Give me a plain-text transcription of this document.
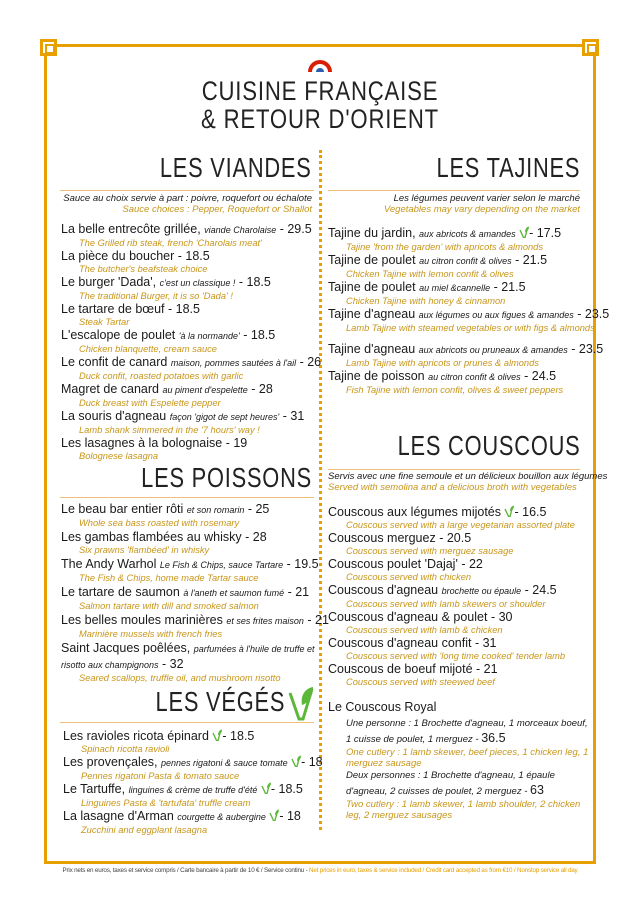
CUISINE FRANÇAISE
& RETOUR D'ORIENT
LES VIANDES
Sauce au choix servie à part : poivre, roquefort ou échalote
Sauce choices : Pepper, Roquefort or Shallot
La belle entrecôte grillée, viande Charolaise - 29.5
The Grilled rib steak, french 'Charolais meat'
La pièce du boucher - 18.5
The butcher's beafsteak choice
Le burger 'Dada', c'est un classique ! - 18.5
The traditional Burger, it is so 'Dada' !
Le tartare de bœuf - 18.5
Steak Tartar
L'escalope de poulet 'à la normande' - 18.5
Chicken blanquette, cream sauce
Le confit de canard maison, pommes sautées à l'ail - 26
Duck confit, roasted potatoes with garlic
Magret de canard au piment d'espelette - 28
Duck breast with Espelette pepper
La souris d'agneau façon 'gigot de sept heures' - 31
Lamb shank simmered in the '7 hours' way !
Les lasagnes à la bolognaise - 19
Bolognese lasagna
LES POISSONS
Le beau bar entier rôti et son romarin - 25
Whole sea bass roasted with rosemary
Les gambas flambées au whisky - 28
Six prawns 'flambéed' in whisky
The Andy Warhol Le Fish & Chips, sauce Tartare - 19.5
The Fish & Chips, home made Tartar sauce
Le tartare de saumon à l'aneth et saumon fumé - 21
Salmon tartare with dill and smoked salmon
Les belles moules marinières et ses frites maison - 21
Marinière mussels with french fries
Saint Jacques poêlées, parfumées à l'huile de truffe et risotto aux champignons - 32
Seared scallops, truffle oil, and mushroom risotto
LES VÉGÉS
Les ravioles ricota épinard - 18.5
Spinach ricotta ravioli
Les provençales, pennes rigatoni & sauce tomate - 18
Pennes rigatoni Pasta & tomato sauce
Le Tartuffe, linguines & crème de truffe d'été - 18.5
Linguines Pasta & 'tartufata' truffle cream
La lasagne d'Arman courgette & aubergine - 18
Zucchini and eggplant lasagna
LES TAJINES
Les légumes peuvent varier selon le marché
Vegetables may vary depending on the market
Tajine du jardin, aux abricots & amandes - 17.5
Tajine 'from the garden' with apricots & almonds
Tajine de poulet au citron confit & olives - 21.5
Chicken Tajine with lemon confit & olives
Tajine de poulet au miel &cannelle - 21.5
Chicken Tajine with honey & cinnamon
Tajine d'agneau aux légumes ou aux figues & amandes - 23.5
Lamb Tajine with steamed vegetables or with figs & almonds
Tajine d'agneau aux abricots ou pruneaux & amandes - 23.5
Lamb Tajine with apricots or prunes & almonds
Tajine de poisson au citron confit & olives - 24.5
Fish Tajine with lemon confit, olives & sweet peppers
LES COUSCOUS
Servis avec une fine semoule et un délicieux bouillon aux légumes
Served with semolina and a delicious broth with vegetables
Couscous aux légumes mijotés - 16.5
Couscous served with a large vegetarian assorted plate
Couscous merguez - 20.5
Couscous served with merguez sausage
Couscous poulet 'Dajaj' - 22
Couscous served with chicken
Couscous d'agneau brochette ou épaule - 24.5
Couscous served with lamb skewers or shoulder
Couscous d'agneau & poulet - 30
Couscous served with lamb & chicken
Couscous d'agneau confit - 31
Couscous served with 'long time cooked' tender lamb
Couscous de boeuf mijoté - 21
Couscous served with steewed beef
Le Couscous Royal
Une personne : 1 Brochette d'agneau, 1 morceaux boeuf, 1 cuisse de poulet, 1 merguez - 36.5
One cutlery : 1 lamb skewer, beef pieces, 1 chicken leg, 1 merguez sausage
Deux personnes : 1 Brochette d'agneau, 1 épaule d'agneau, 2 cuisses de poulet, 2 merguez - 63
Two cutlery : 1 lamb skewer, 1 lamb shoulder, 2 chicken leg, 2 merguez sausages
Prix nets en euros, taxes et service compris / Carte bancaire à partir de 10 € / Service continu - Net prices in euro, taxes & service included / Credit card accepted as from €10 / Nonstop service all day
